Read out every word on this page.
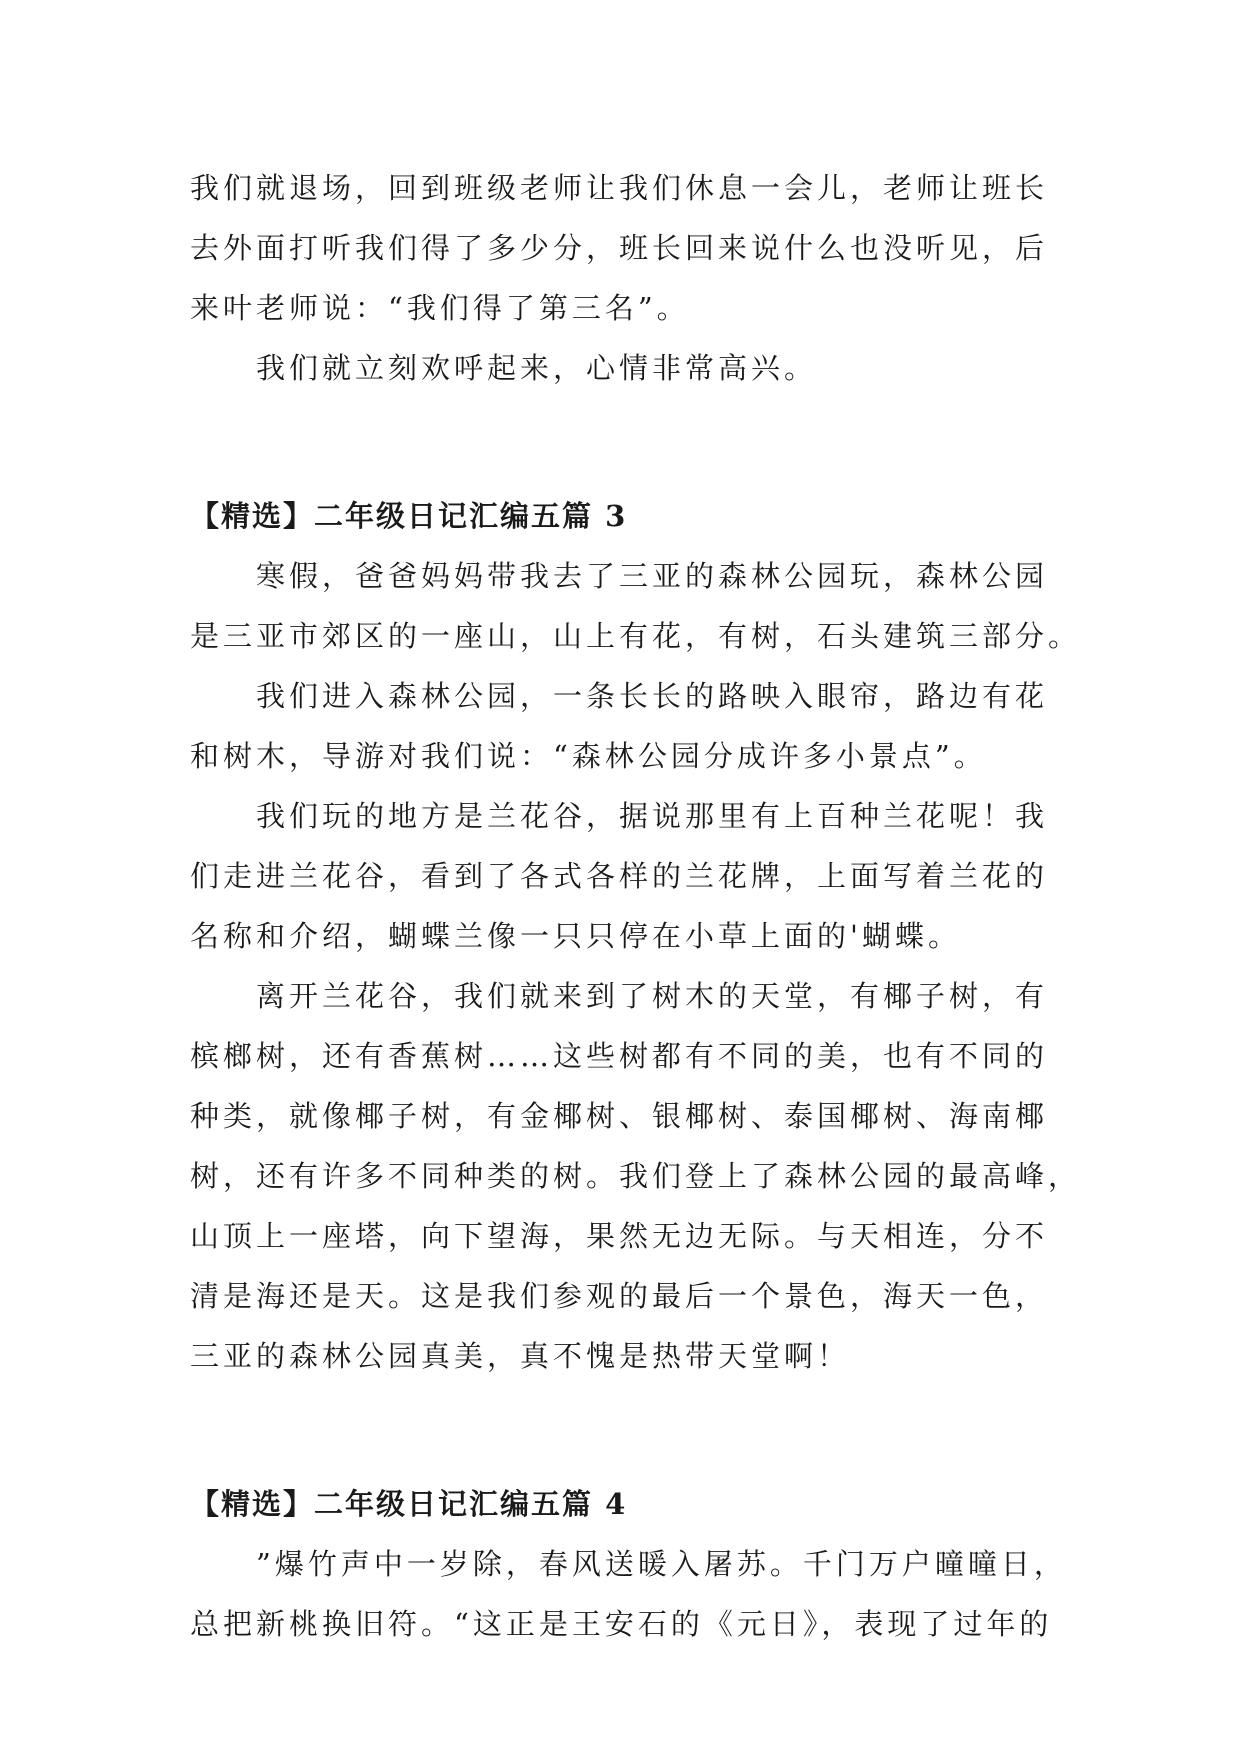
我们就退场，回到班级老师让我们休息一会儿，老师让班长

去外面打听我们得了多少分，班长回来说什么也没听见，后

来叶老师说：“我们得了第三名”。

　　我们就立刻欢呼起来，心情非常高兴。

【精选】二年级日记汇编五篇 3

　　寒假，爸爸妈妈带我去了三亚的森林公园玩，森林公园

是三亚市郊区的一座山，山上有花，有树，石头建筑三部分。

　　我们进入森林公园，一条长长的路映入眼帘，路边有花

和树木，导游对我们说：“森林公园分成许多小景点”。

　　我们玩的地方是兰花谷，据说那里有上百种兰花呢！我

们走进兰花谷，看到了各式各样的兰花牌，上面写着兰花的

名称和介绍，蝴蝶兰像一只只停在小草上面的'蝴蝶。

　　离开兰花谷，我们就来到了树木的天堂，有椰子树，有

槟榔树，还有香蕉树……这些树都有不同的美，也有不同的

种类，就像椰子树，有金椰树、银椰树、泰国椰树、海南椰

树，还有许多不同种类的树。我们登上了森林公园的最高峰，

山顶上一座塔，向下望海，果然无边无际。与天相连，分不

清是海还是天。这是我们参观的最后一个景色，海天一色，

三亚的森林公园真美，真不愧是热带天堂啊！

【精选】二年级日记汇编五篇 4

　　”爆竹声中一岁除，春风送暖入屠苏。千门万户曈曈日，

总把新桃换旧符。“这正是王安石的《元日》，表现了过年的
